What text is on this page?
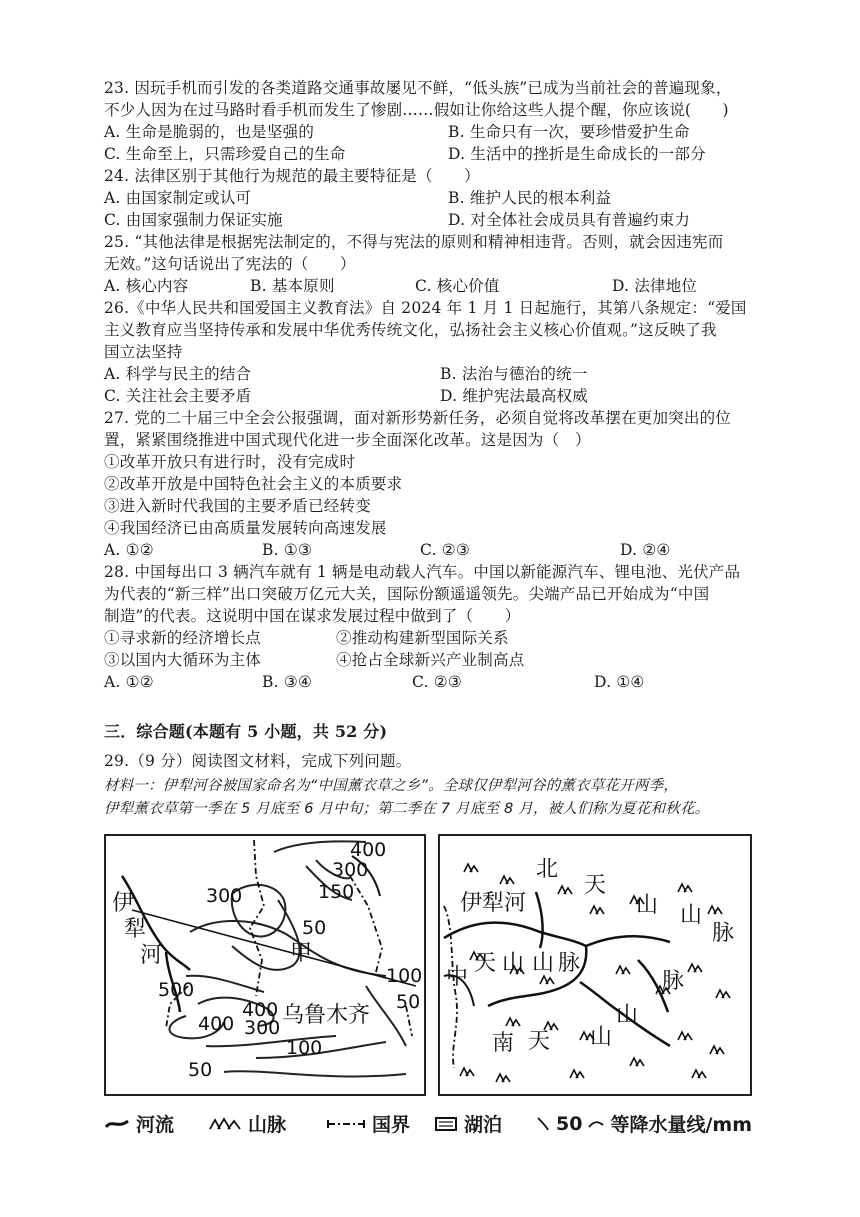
23. 因玩手机而引发的各类道路交通事故屡见不鲜，“低头族”已成为当前社会的普遍现象，
不少人因为在过马路时看手机而发生了惨剧……假如让你给这些人提个醒，你应该说(　　)
A. 生命是脆弱的，也是坚强的	B. 生命只有一次，要珍惜爱护生命
C. 生命至上，只需珍爱自己的生命	D. 生活中的挫折是生命成长的一部分
24. 法律区别于其他行为规范的最主要特征是（　　）
A. 由国家制定或认可	B. 维护人民的根本利益
C. 由国家强制力保证实施	D. 对全体社会成员具有普遍约束力
25. “其他法律是根据宪法制定的，不得与宪法的原则和精神相违背。否则，就会因违宪而
无效。”这句话说出了宪法的（　　）
A. 核心内容	B. 基本原则	C. 核心价值	D. 法律地位
26.《中华人民共和国爱国主义教育法》自 2024 年 1 月 1 日起施行，其第八条规定：“爱国
主义教育应当坚持传承和发展中华优秀传统文化，弘扬社会主义核心价值观。”这反映了我
国立法坚持
A. 科学与民主的结合	B. 法治与德治的统一
C. 关注社会主要矛盾	D. 维护宪法最高权威
27. 党的二十届三中全会公报强调，面对新形势新任务，必须自觉将改革摆在更加突出的位
置，紧紧围绕推进中国式现代化进一步全面深化改革。这是因为（　）
①改革开放只有进行时，没有完成时
②改革开放是中国特色社会主义的本质要求
③进入新时代我国的主要矛盾已经转变
④我国经济已由高质量发展转向高速发展
A. ①②	B. ①③	C. ②③	D. ②④
28. 中国每出口 3 辆汽车就有 1 辆是电动载人汽车。中国以新能源汽车、锂电池、光伏产品
为代表的“新三样”出口突破万亿元大关，国际份额遥遥领先。尖端产品已开始成为“中国
制造”的代表。这说明中国在谋求发展过程中做到了（　　）
①寻求新的经济增长点	②推动构建新型国际关系
③以国内大循环为主体	④抢占全球新兴产业制高点
A. ①②	B. ③④	C. ②③	D. ①④
三．综合题(本题有 5 小题，共 52 分)
29.（9 分）阅读图文材料，完成下列问题。
材料一：伊犁河谷被国家命名为“中国薰衣草之乡”。全球仅伊犁河谷的薰衣草花开两季，
伊犁薰衣草第一季在 5 月底至 6 月中旬；第二季在 7 月底至 8 月，被人们称为夏花和秋花。
伊
犁
河	甲
乌鲁木齐
400
300
150
300
50
100
500
400
400 300
100
50
50
北
天
山 山
脉
伊犁河
中
天 山 山 脉
脉
山
山
南 天
河流	山脉	国界	湖泊	50 等降水量线/mm
